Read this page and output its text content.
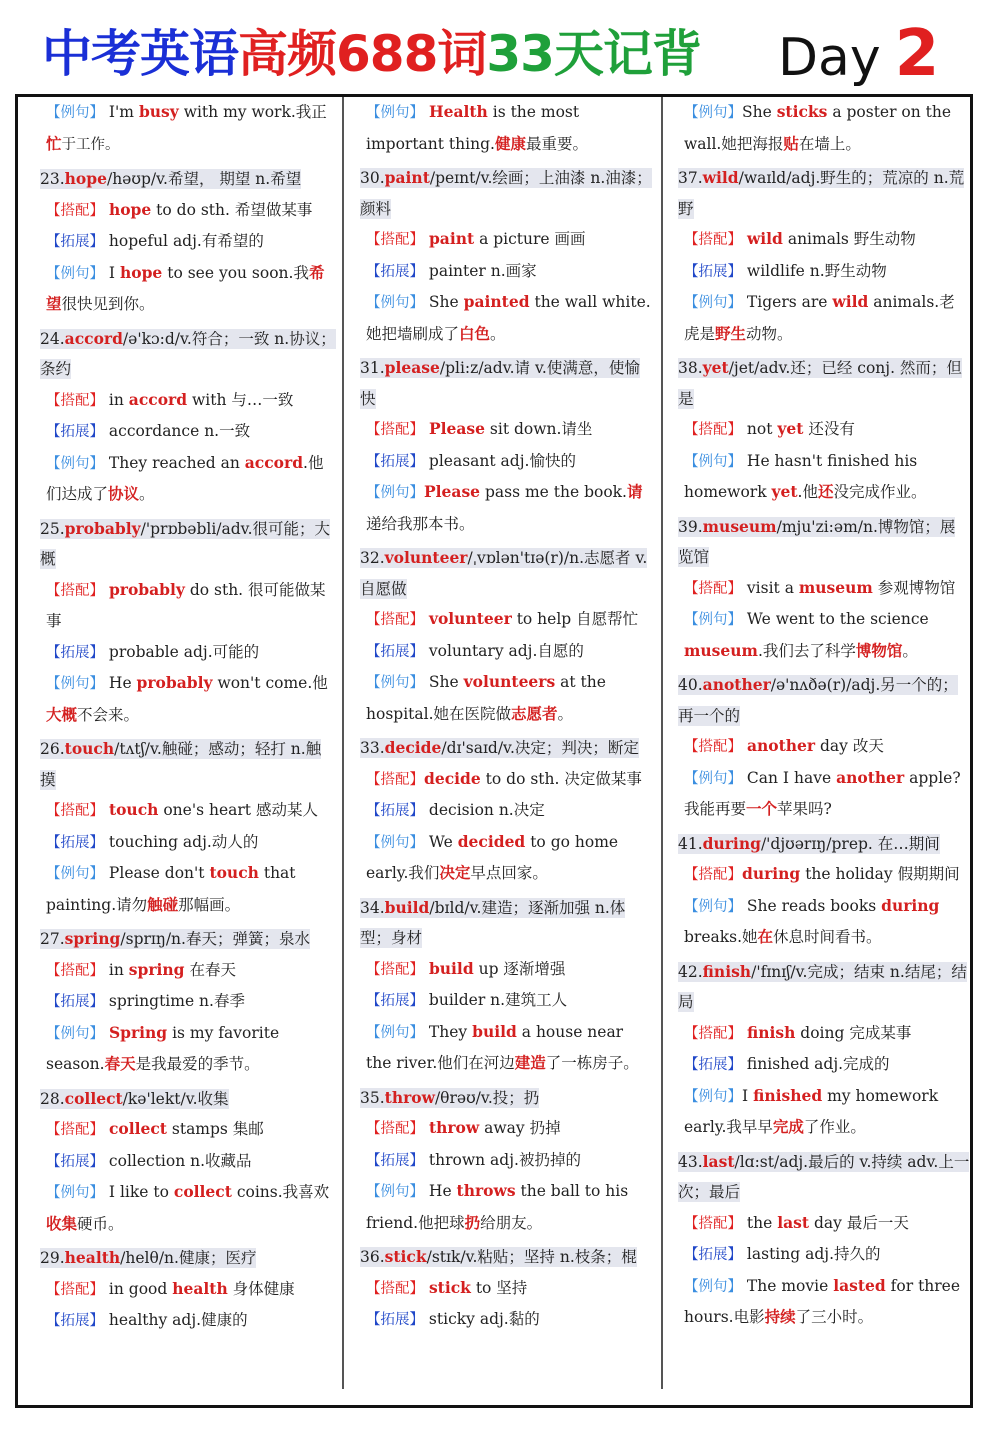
中考英语高频688词33天记背 Day 2
【例句】 I'm busy with my work.我正忙于工作。
23.hope/həʊp/v.希望， 期望 n.希望
【搭配】 hope to do sth. 希望做某事
【拓展】 hopeful adj.有希望的
【例句】 I hope to see you soon.我希望很快见到你。
24.accord/ə'kɔ:d/v.符合；一致 n.协议；条约
【搭配】 in accord with 与…一致
【拓展】 accordance n.一致
【例句】 They reached an accord.他们达成了协议。
25.probably/'prɒbəbli/adv.很可能；大概
【搭配】 probably do sth. 很可能做某事
【拓展】 probable adj.可能的
【例句】 He probably won't come.他大概不会来。
26.touch/tʌtʃ/v.触碰；感动；轻打 n.触摸
【搭配】 touch one's heart 感动某人
【拓展】 touching adj.动人的
【例句】 Please don't touch that painting.请勿触碰那幅画。
27.spring/sprɪŋ/n.春天；弹簧；泉水
【搭配】 in spring 在春天
【拓展】 springtime n.春季
【例句】 Spring is my favorite season.春天是我最爱的季节。
28.collect/kə'lekt/v.收集
【搭配】 collect stamps 集邮
【拓展】 collection n.收藏品
【例句】 I like to collect coins.我喜欢收集硬币。
29.health/helθ/n.健康；医疗
【搭配】 in good health 身体健康
【拓展】 healthy adj.健康的
【例句】 Health is the most important thing.健康最重要。
30.paint/peɪnt/v.绘画；上油漆 n.油漆；颜料
【搭配】 paint a picture 画画
【拓展】 painter n.画家
【例句】 She painted the wall white.她把墙刷成了白色。
31.please/pli:z/adv.请 v.使满意，使愉快
【搭配】 Please sit down.请坐
【拓展】 pleasant adj.愉快的
【例句】Please pass me the book.请递给我那本书。
32.volunteer/ˌvɒlən'tɪə(r)/n.志愿者 v.自愿做
【搭配】 volunteer to help 自愿帮忙
【拓展】 voluntary adj.自愿的
【例句】 She volunteers at the hospital.她在医院做志愿者。
33.decide/dɪ'saɪd/v.决定；判决；断定
【搭配】decide to do sth. 决定做某事
【拓展】 decision n.决定
【例句】 We decided to go home early.我们决定早点回家。
34.build/bɪld/v.建造；逐渐加强 n.体型；身材
【搭配】 build up 逐渐增强
【拓展】 builder n.建筑工人
【例句】 They build a house near the river.他们在河边建造了一栋房子。
35.throw/θrəʊ/v.投；扔
【搭配】 throw away 扔掉
【拓展】 thrown adj.被扔掉的
【例句】 He throws the ball to his friend.他把球扔给朋友。
36.stick/stɪk/v.粘贴；坚持 n.枝条；棍
【搭配】 stick to 坚持
【拓展】 sticky adj.黏的
【例句】She sticks a poster on the wall.她把海报贴在墙上。
37.wild/waɪld/adj.野生的；荒凉的 n.荒野
【搭配】 wild animals 野生动物
【拓展】 wildlife n.野生动物
【例句】 Tigers are wild animals.老虎是野生动物。
38.yet/jet/adv.还；已经 conj. 然而；但是
【搭配】 not yet 还没有
【例句】 He hasn't finished his homework yet.他还没完成作业。
39.museum/mju'zi:əm/n.博物馆；展览馆
【搭配】 visit a museum 参观博物馆
【例句】 We went to the science museum.我们去了科学博物馆。
40.another/ə'nʌðə(r)/adj.另一个的；再一个的
【搭配】 another day 改天
【例句】 Can I have another apple?我能再要一个苹果吗?
41.during/'djʊərɪŋ/prep. 在…期间
【搭配】during the holiday 假期期间
【例句】 She reads books during breaks.她在休息时间看书。
42.finish/'fɪnɪʃ/v.完成；结束 n.结尾；结局
【搭配】 finish doing 完成某事
【拓展】 finished adj.完成的
【例句】I finished my homework early.我早早完成了作业。
43.last/lɑ:st/adj.最后的 v.持续 adv.上一次；最后
【搭配】 the last day 最后一天
【拓展】 lasting adj.持久的
【例句】 The movie lasted for three hours.电影持续了三小时。
